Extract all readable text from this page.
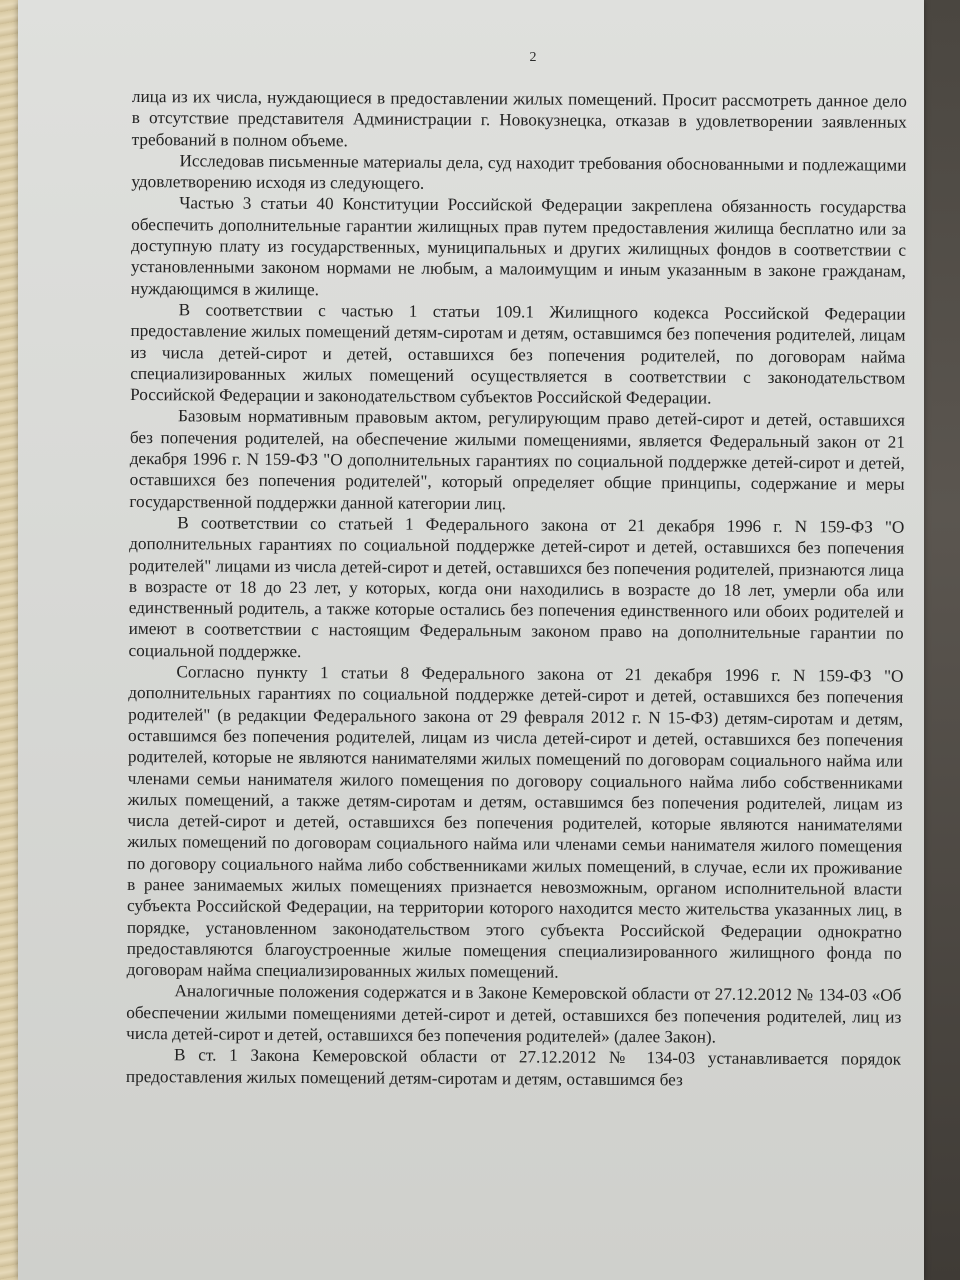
2

лица из их числа, нуждающиеся в предоставлении жилых помещений. Просит рассмотреть данное дело в отсутствие представителя Администрации г. Новокузнецка, отказав в удовлетворении заявленных требований в полном объеме.

Исследовав письменные материалы дела, суд находит требования обоснованными и подлежащими удовлетворению исходя из следующего.

Частью 3 статьи 40 Конституции Российской Федерации закреплена обязанность государства обеспечить дополнительные гарантии жилищных прав путем предоставления жилища бесплатно или за доступную плату из государственных, муниципальных и других жилищных фондов в соответствии с установленными законом нормами не любым, а малоимущим и иным указанным в законе гражданам, нуждающимся в жилище.

В соответствии с частью 1 статьи 109.1 Жилищного кодекса Российской Федерации предоставление жилых помещений детям-сиротам и детям, оставшимся без попечения родителей, лицам из числа детей-сирот и детей, оставшихся без попечения родителей, по договорам найма специализированных жилых помещений осуществляется в соответствии с законодательством Российской Федерации и законодательством субъектов Российской Федерации.

Базовым нормативным правовым актом, регулирующим право детей-сирот и детей, оставшихся без попечения родителей, на обеспечение жилыми помещениями, является Федеральный закон от 21 декабря 1996 г. N 159-ФЗ "О дополнительных гарантиях по социальной поддержке детей-сирот и детей, оставшихся без попечения родителей", который определяет общие принципы, содержание и меры государственной поддержки данной категории лиц.

В соответствии со статьей 1 Федерального закона от 21 декабря 1996 г. N 159-ФЗ "О дополнительных гарантиях по социальной поддержке детей-сирот и детей, оставшихся без попечения родителей" лицами из числа детей-сирот и детей, оставшихся без попечения родителей, признаются лица в возрасте от 18 до 23 лет, у которых, когда они находились в возрасте до 18 лет, умерли оба или единственный родитель, а также которые остались без попечения единственного или обоих родителей и имеют в соответствии с настоящим Федеральным законом право на дополнительные гарантии по социальной поддержке.

Согласно пункту 1 статьи 8 Федерального закона от 21 декабря 1996 г. N 159-ФЗ "О дополнительных гарантиях по социальной поддержке детей-сирот и детей, оставшихся без попечения родителей" (в редакции Федерального закона от 29 февраля 2012 г. N 15-ФЗ) детям-сиротам и детям, оставшимся без попечения родителей, лицам из числа детей-сирот и детей, оставшихся без попечения родителей, которые не являются нанимателями жилых помещений по договорам социального найма или членами семьи нанимателя жилого помещения по договору социального найма либо собственниками жилых помещений, а также детям-сиротам и детям, оставшимся без попечения родителей, лицам из числа детей-сирот и детей, оставшихся без попечения родителей, которые являются нанимателями жилых помещений по договорам социального найма или членами семьи нанимателя жилого помещения по договору социального найма либо собственниками жилых помещений, в случае, если их проживание в ранее занимаемых жилых помещениях признается невозможным, органом исполнительной власти субъекта Российской Федерации, на территории которого находится место жительства указанных лиц, в порядке, установленном законодательством этого субъекта Российской Федерации однократно предоставляются благоустроенные жилые помещения специализированного жилищного фонда по договорам найма специализированных жилых помещений.

Аналогичные положения содержатся и в Законе Кемеровской области от 27.12.2012 № 134-03 «Об обеспечении жилыми помещениями детей-сирот и детей, оставшихся без попечения родителей, лиц из числа детей-сирот и детей, оставшихся без попечения родителей» (далее Закон).

В ст. 1 Закона Кемеровской области от 27.12.2012 № 134-03 устанавливается порядок предоставления жилых помещений детям-сиротам и детям, оставшимся без
